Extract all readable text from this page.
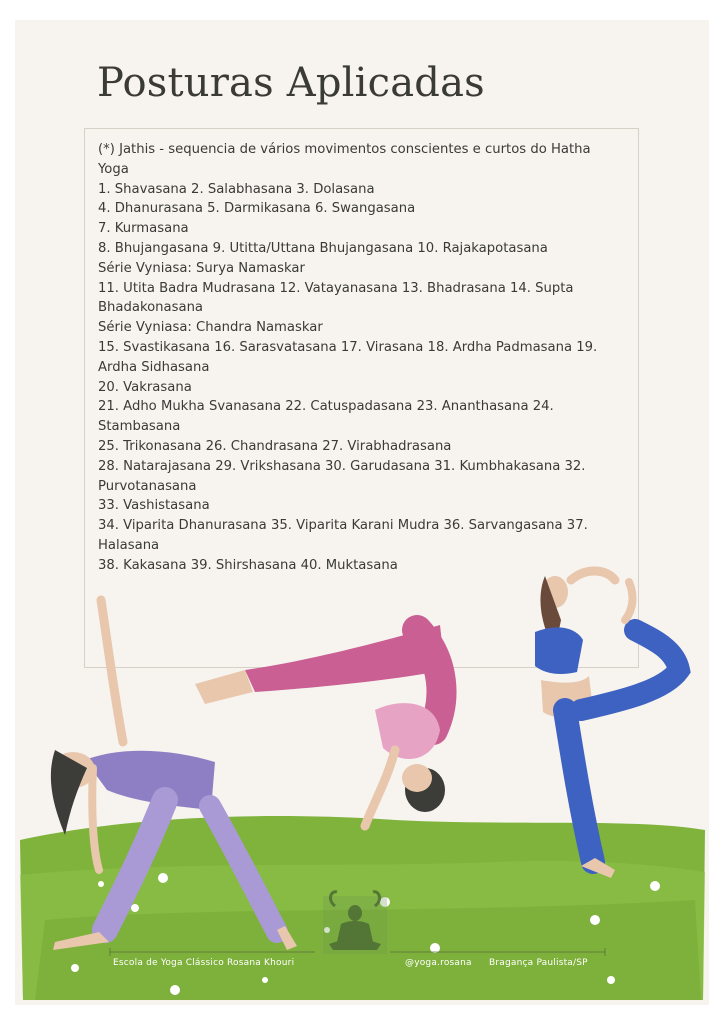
Posturas Aplicadas
(*) Jathis - sequencia de vários movimentos conscientes e curtos do Hatha
Yoga
1. Shavasana 2. Salabhasana 3. Dolasana
4. Dhanurasana 5. Darmikasana 6. Swangasana
7. Kurmasana
8. Bhujangasana 9. Utitta/Uttana Bhujangasana 10. Rajakapotasana
Série Vyniasa: Surya Namaskar
11. Utita Badra Mudrasana 12. Vatayanasana 13. Bhadrasana 14. Supta
Bhadakonasana
Série Vyniasa: Chandra Namaskar
15. Svastikasana 16. Sarasvatasana 17. Virasana 18. Ardha Padmasana 19.
Ardha Sidhasana
20. Vakrasana
21. Adho Mukha Svanasana 22. Catuspadasana 23. Ananthasana 24.
Stambasana
25. Trikonasana 26. Chandrasana 27. Virabhadrasana
28. Natarajasana 29. Vrikshasana 30. Garudasana 31. Kumbhakasana 32.
Purvotanasana
33. Vashistasana
34. Viparita Dhanurasana 35. Viparita Karani Mudra 36. Sarvangasana 37.
Halasana
38. Kakasana 39. Shirshasana 40. Muktasana
Escola de Yoga Clássico Rosana Khouri	@yoga.rosana Bragança Paulista/SP
